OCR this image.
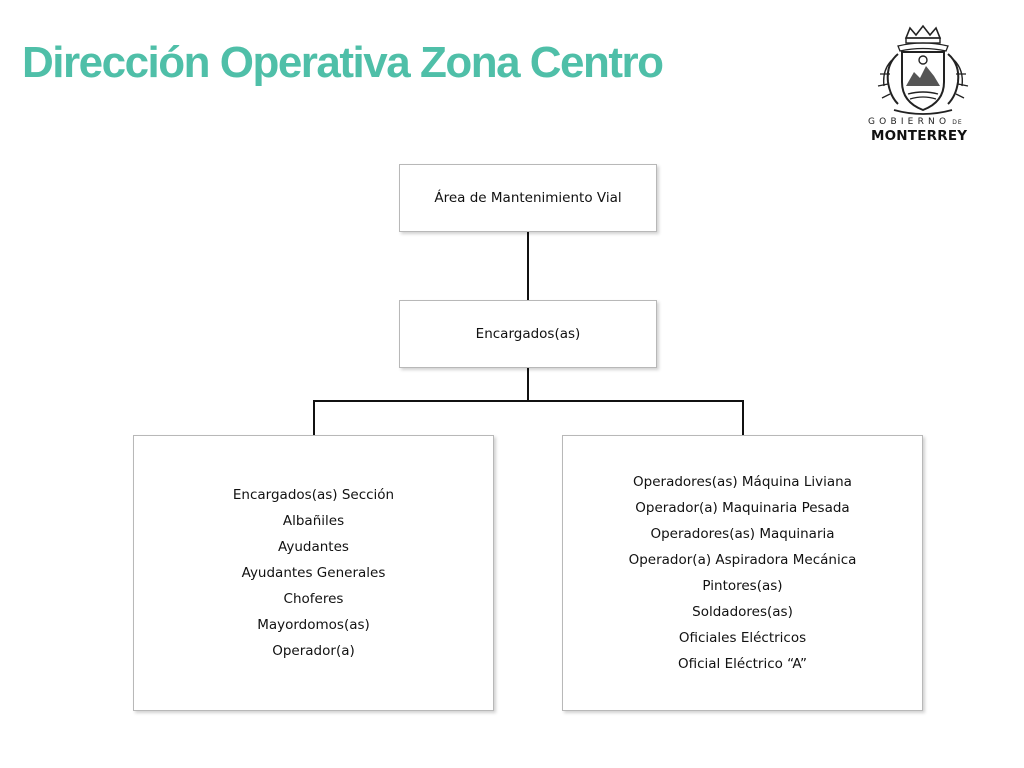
Dirección Operativa Zona Centro
GOBIERNO DE
MONTERREY
Área de Mantenimiento Vial
Encargados(as)
Encargados(as) Sección
Albañiles
Ayudantes
Ayudantes Generales
Choferes
Mayordomos(as)
Operador(a)
Operadores(as) Máquina Liviana
Operador(a) Maquinaria Pesada
Operadores(as) Maquinaria
Operador(a) Aspiradora Mecánica
Pintores(as)
Soldadores(as)
Oficiales Eléctricos
Oficial Eléctrico “A”
